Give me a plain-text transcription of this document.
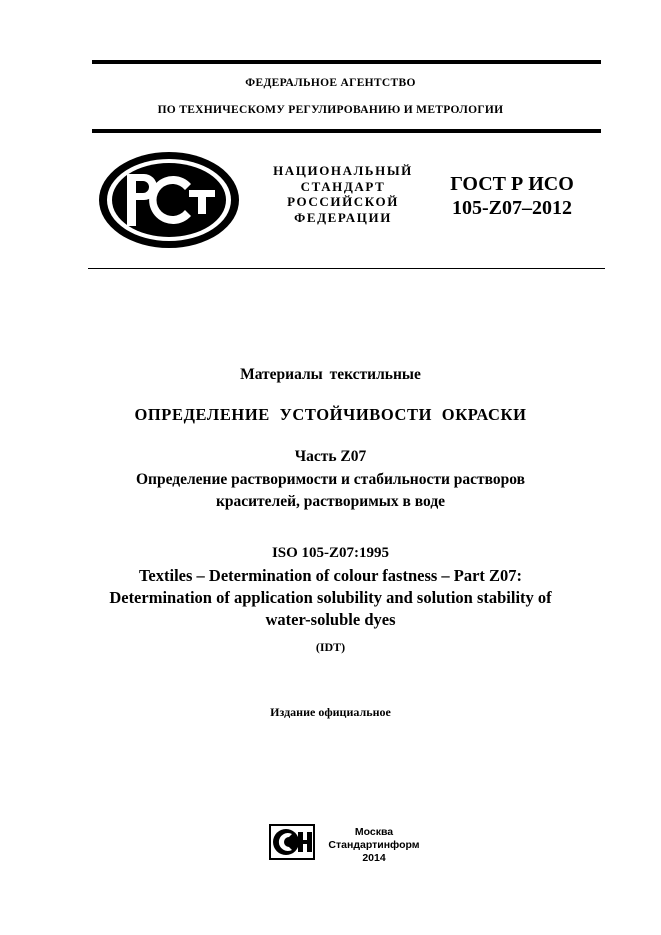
ФЕДЕРАЛЬНОЕ АГЕНТСТВО
ПО ТЕХНИЧЕСКОМУ РЕГУЛИРОВАНИЮ И МЕТРОЛОГИИ
НАЦИОНАЛЬНЫЙ
СТАНДАРТ
РОССИЙСКОЙ
ФЕДЕРАЦИИ
ГОСТ Р ИСО
105-Z07–2012
Материалы текстильные
ОПРЕДЕЛЕНИЕ УСТОЙЧИВОСТИ ОКРАСКИ
Часть Z07
Определение растворимости и стабильности растворов
красителей, растворимых в воде
ISO 105-Z07:1995
Textiles – Determination of colour fastness – Part Z07:
Determination of application solubility and solution stability of
water-soluble dyes
(IDT)
Издание официальное
Москва
Стандартинформ
2014
